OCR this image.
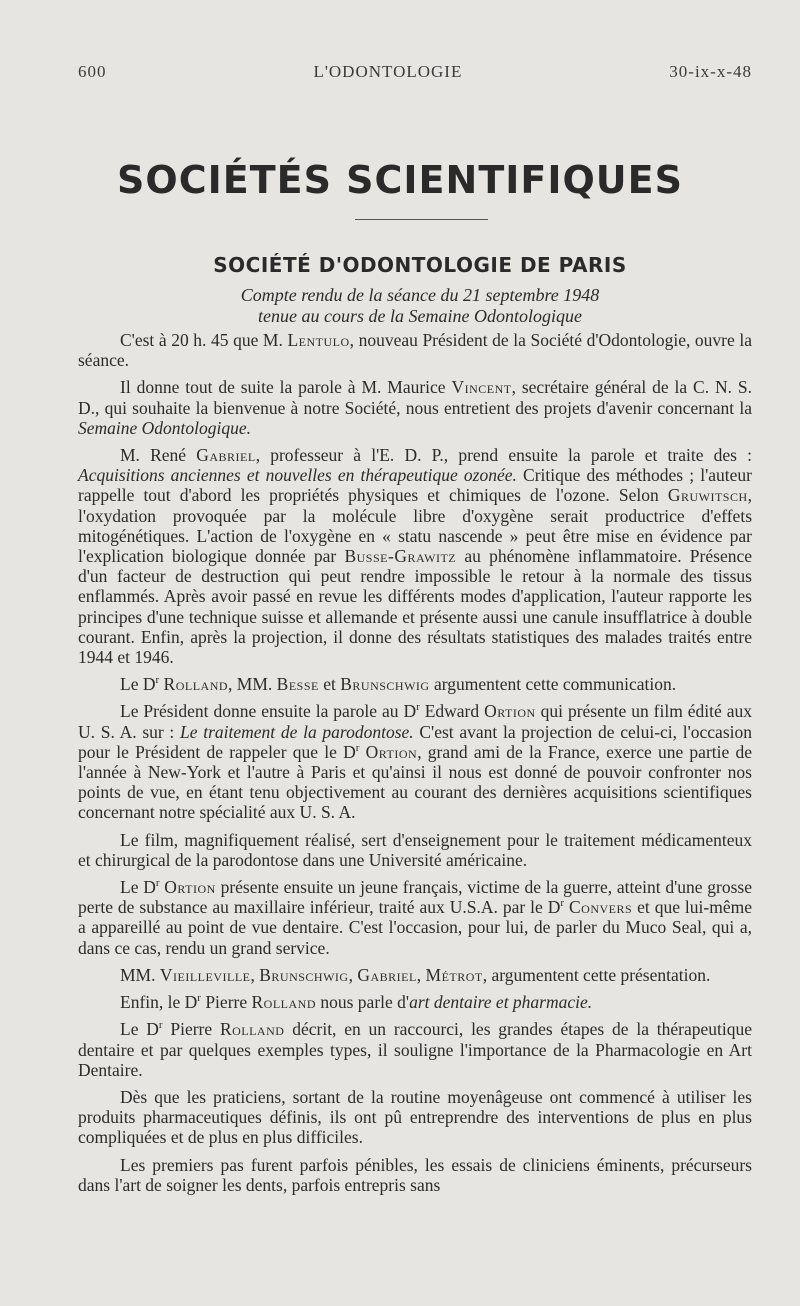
600	L'ODONTOLOGIE	30-ix-x-48
SOCIÉTÉS SCIENTIFIQUES
SOCIÉTÉ D'ODONTOLOGIE DE PARIS
Compte rendu de la séance du 21 septembre 1948
tenue au cours de la Semaine Odontologique

C'est à 20 h. 45 que M. Lentulo, nouveau Président de la Société d'Odontologie, ouvre la séance.

Il donne tout de suite la parole à M. Maurice Vincent, secrétaire général de la C. N. S. D., qui souhaite la bienvenue à notre Société, nous entretient des projets d'avenir concernant la Semaine Odontologique.

M. René Gabriel, professeur à l'E. D. P., prend ensuite la parole et traite des : Acquisitions anciennes et nouvelles en thérapeutique ozonée. Critique des méthodes ; l'auteur rappelle tout d'abord les propriétés physiques et chimiques de l'ozone. Selon Gruwitsch, l'oxydation provoquée par la molécule libre d'oxygène serait productrice d'effets mitogénétiques. L'action de l'oxygène en « statu nascende » peut être mise en évidence par l'explication biologique donnée par Busse-Grawitz au phénomène inflammatoire. Présence d'un facteur de destruction qui peut rendre impossible le retour à la normale des tissus enflammés. Après avoir passé en revue les différents modes d'application, l'auteur rapporte les principes d'une technique suisse et allemande et présente aussi une canule insufflatrice à double courant. Enfin, après la projection, il donne des résultats statistiques des malades traités entre 1944 et 1946.

Le $D^r$ Rolland, MM. Besse et Brunschwig argumentent cette communication.

Le Président donne ensuite la parole au $D^r$ Edward Ortion qui présente un film édité aux U. S. A. sur : Le traitement de la parodontose. C'est avant la projection de celui-ci, l'occasion pour le Président de rappeler que le $D^r$ Ortion, grand ami de la France, exerce une partie de l'année à New-York et l'autre à Paris et qu'ainsi il nous est donné de pouvoir confronter nos points de vue, en étant tenu objectivement au courant des dernières acquisitions scientifiques concernant notre spécialité aux U. S. A.

Le film, magnifiquement réalisé, sert d'enseignement pour le traitement médicamenteux et chirurgical de la parodontose dans une Université américaine.

Le $D^r$ Ortion présente ensuite un jeune français, victime de la guerre, atteint d'une grosse perte de substance au maxillaire inférieur, traité aux U.S.A. par le $D^r$ Convers et que lui-même a appareillé au point de vue dentaire. C'est l'occasion, pour lui, de parler du Muco Seal, qui a, dans ce cas, rendu un grand service.

MM. Vieilleville, Brunschwig, Gabriel, Métrot, argumentent cette présentation.

Enfin, le $D^r$ Pierre Rolland nous parle d'art dentaire et pharmacie.

Le $D^r$ Pierre Rolland décrit, en un raccourci, les grandes étapes de la thérapeutique dentaire et par quelques exemples types, il souligne l'importance de la Pharmacologie en Art Dentaire.

Dès que les praticiens, sortant de la routine moyenâgeuse ont commencé à utiliser les produits pharmaceutiques définis, ils ont pû entreprendre des interventions de plus en plus compliquées et de plus en plus difficiles.

Les premiers pas furent parfois pénibles, les essais de cliniciens éminents, précurseurs dans l'art de soigner les dents, parfois entrepris sans
